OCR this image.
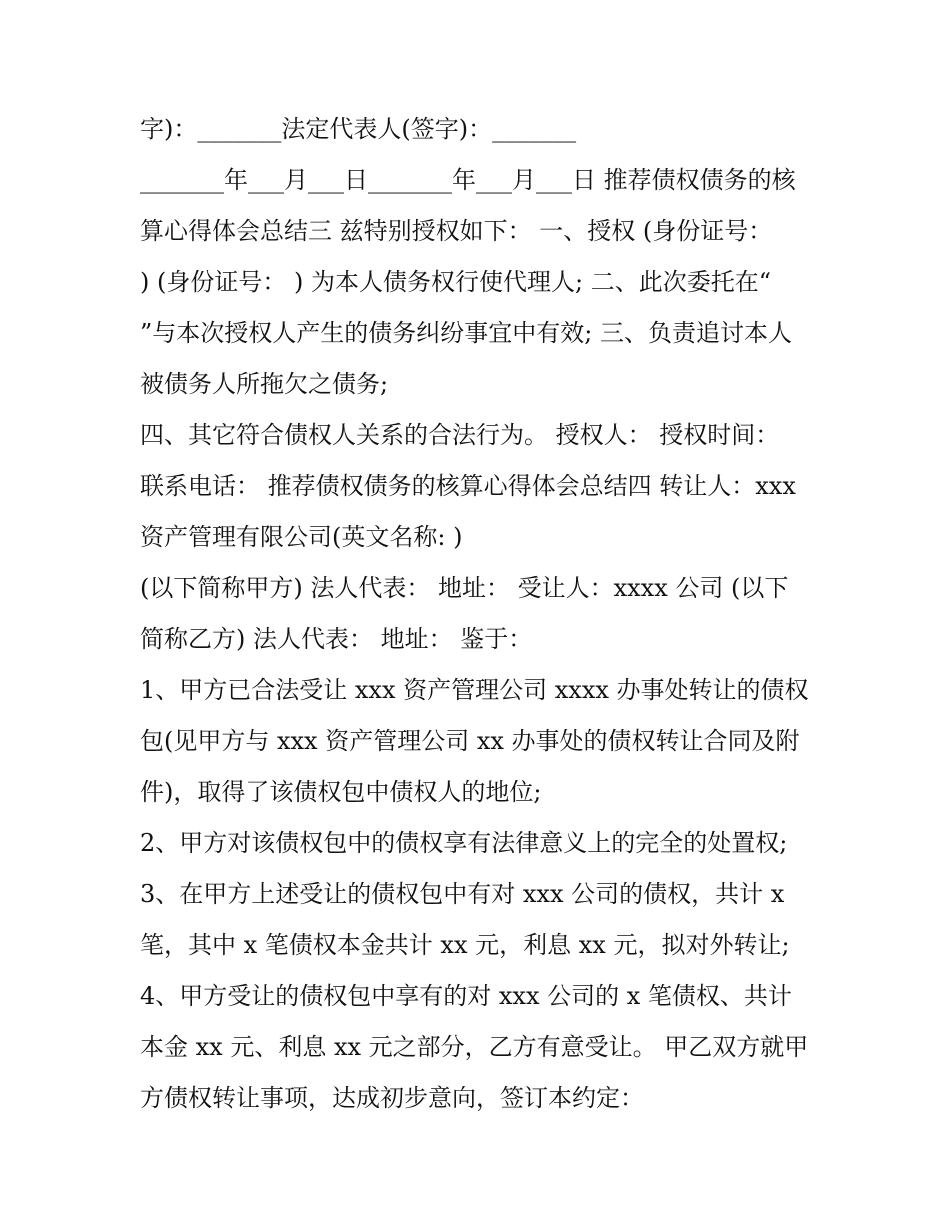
字)：_______法定代表人(签字)：_______
_______年___月___日_______年___月___日 推荐债权债务的核
算心得体会总结三 兹特别授权如下： 一、授权 (身份证号：
) (身份证号： ) 为本人债务权行使代理人; 二、此次委托在“
”与本次授权人产生的债务纠纷事宜中有效; 三、负责追讨本人
被债务人所拖欠之债务;
四、其它符合债权人关系的合法行为。 授权人： 授权时间：
联系电话： 推荐债权债务的核算心得体会总结四 转让人：xxx
资产管理有限公司(英文名称: )
(以下简称甲方) 法人代表： 地址： 受让人：xxxx 公司 (以下
简称乙方) 法人代表： 地址： 鉴于：
1、甲方已合法受让 xxx 资产管理公司 xxxx 办事处转让的债权
包(见甲方与 xxx 资产管理公司 xx 办事处的债权转让合同及附
件)，取得了该债权包中债权人的地位;
2、甲方对该债权包中的债权享有法律意义上的完全的处置权;
3、在甲方上述受让的债权包中有对 xxx 公司的债权，共计 x
笔，其中 x 笔债权本金共计 xx 元，利息 xx 元，拟对外转让;
4、甲方受让的债权包中享有的对 xxx 公司的 x 笔债权、共计
本金 xx 元、利息 xx 元之部分，乙方有意受让。 甲乙双方就甲
方债权转让事项，达成初步意向，签订本约定：
